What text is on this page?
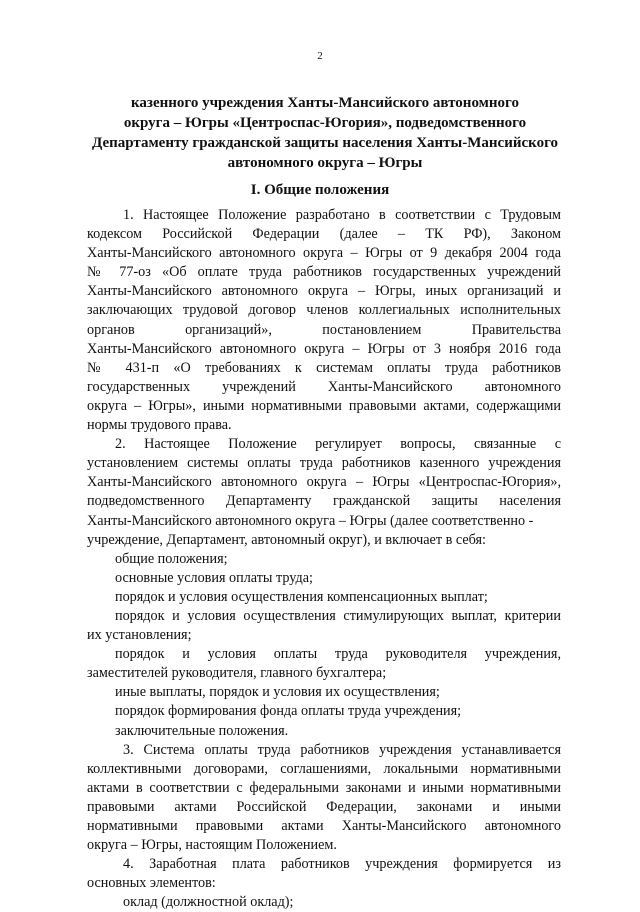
2
казенного учреждения Ханты-Мансийского автономного
округа – Югры «Центроспас-Югория», подведомственного
Департаменту гражданской защиты населения Ханты-Мансийского
автономного округа – Югры
I. Общие положения
1. Настоящее Положение разработано в соответствии с Трудовым
кодексом Российской Федерации (далее – ТК РФ), Законом
Ханты-Мансийского автономного округа – Югры от 9 декабря 2004 года
№ 77-оз «Об оплате труда работников государственных учреждений
Ханты-Мансийского автономного округа – Югры, иных организаций и
заключающих трудовой договор членов коллегиальных исполнительных
органов организаций», постановлением Правительства
Ханты-Мансийского автономного округа – Югры от 3 ноября 2016 года
№ 431-п «О требованиях к системам оплаты труда работников
государственных учреждений Ханты-Мансийского автономного
округа – Югры», иными нормативными правовыми актами, содержащими
нормы трудового права.
2. Настоящее Положение регулирует вопросы, связанные с
установлением системы оплаты труда работников казенного учреждения
Ханты-Мансийского автономного округа – Югры «Центроспас-Югория»,
подведомственного Департаменту гражданской защиты населения
Ханты-Мансийского автономного округа – Югры (далее соответственно -
учреждение, Департамент, автономный округ), и включает в себя:
общие положения;
основные условия оплаты труда;
порядок и условия осуществления компенсационных выплат;
порядок и условия осуществления стимулирующих выплат, критерии
их установления;
порядок и условия оплаты труда руководителя учреждения,
заместителей руководителя, главного бухгалтера;
иные выплаты, порядок и условия их осуществления;
порядок формирования фонда оплаты труда учреждения;
заключительные положения.
3. Система оплаты труда работников учреждения устанавливается
коллективными договорами, соглашениями, локальными нормативными
актами в соответствии с федеральными законами и иными нормативными
правовыми актами Российской Федерации, законами и иными
нормативными правовыми актами Ханты-Мансийского автономного
округа – Югры, настоящим Положением.
4. Заработная плата работников учреждения формируется из
основных элементов:
оклад (должностной оклад);
